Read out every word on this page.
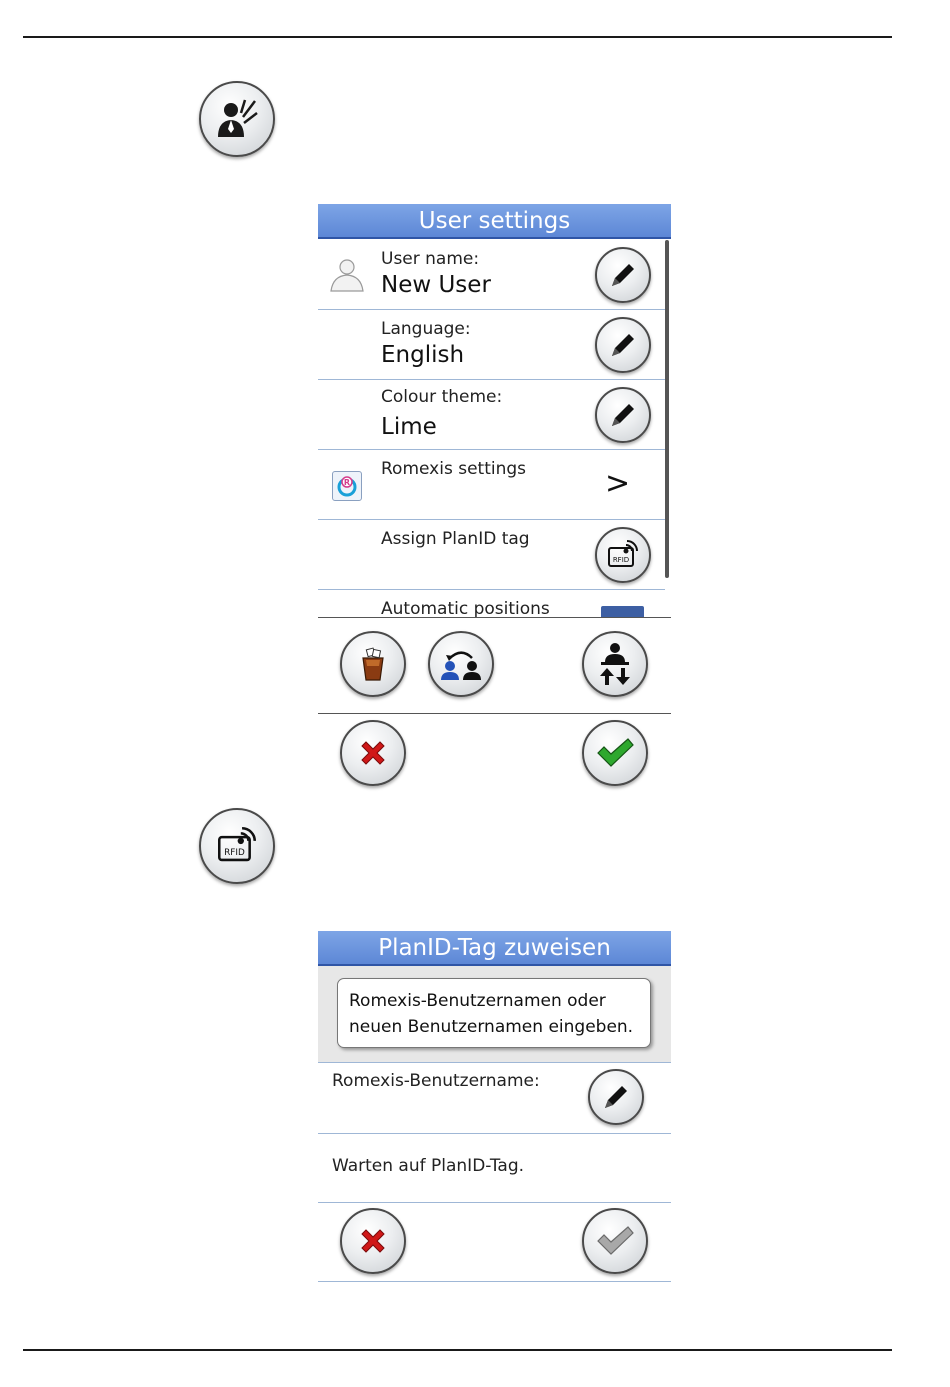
User settings
User name:
New User
Language:
English
Colour theme:
Lime
R
Romexis settings	>
Assign PlanID tag
RFID
Automatic positions
RFID
PlanID-Tag zuweisen
Romexis-Benutzernamen oder
neuen Benutzernamen eingeben.
Romexis-Benutzername:
Warten auf PlanID-Tag.
